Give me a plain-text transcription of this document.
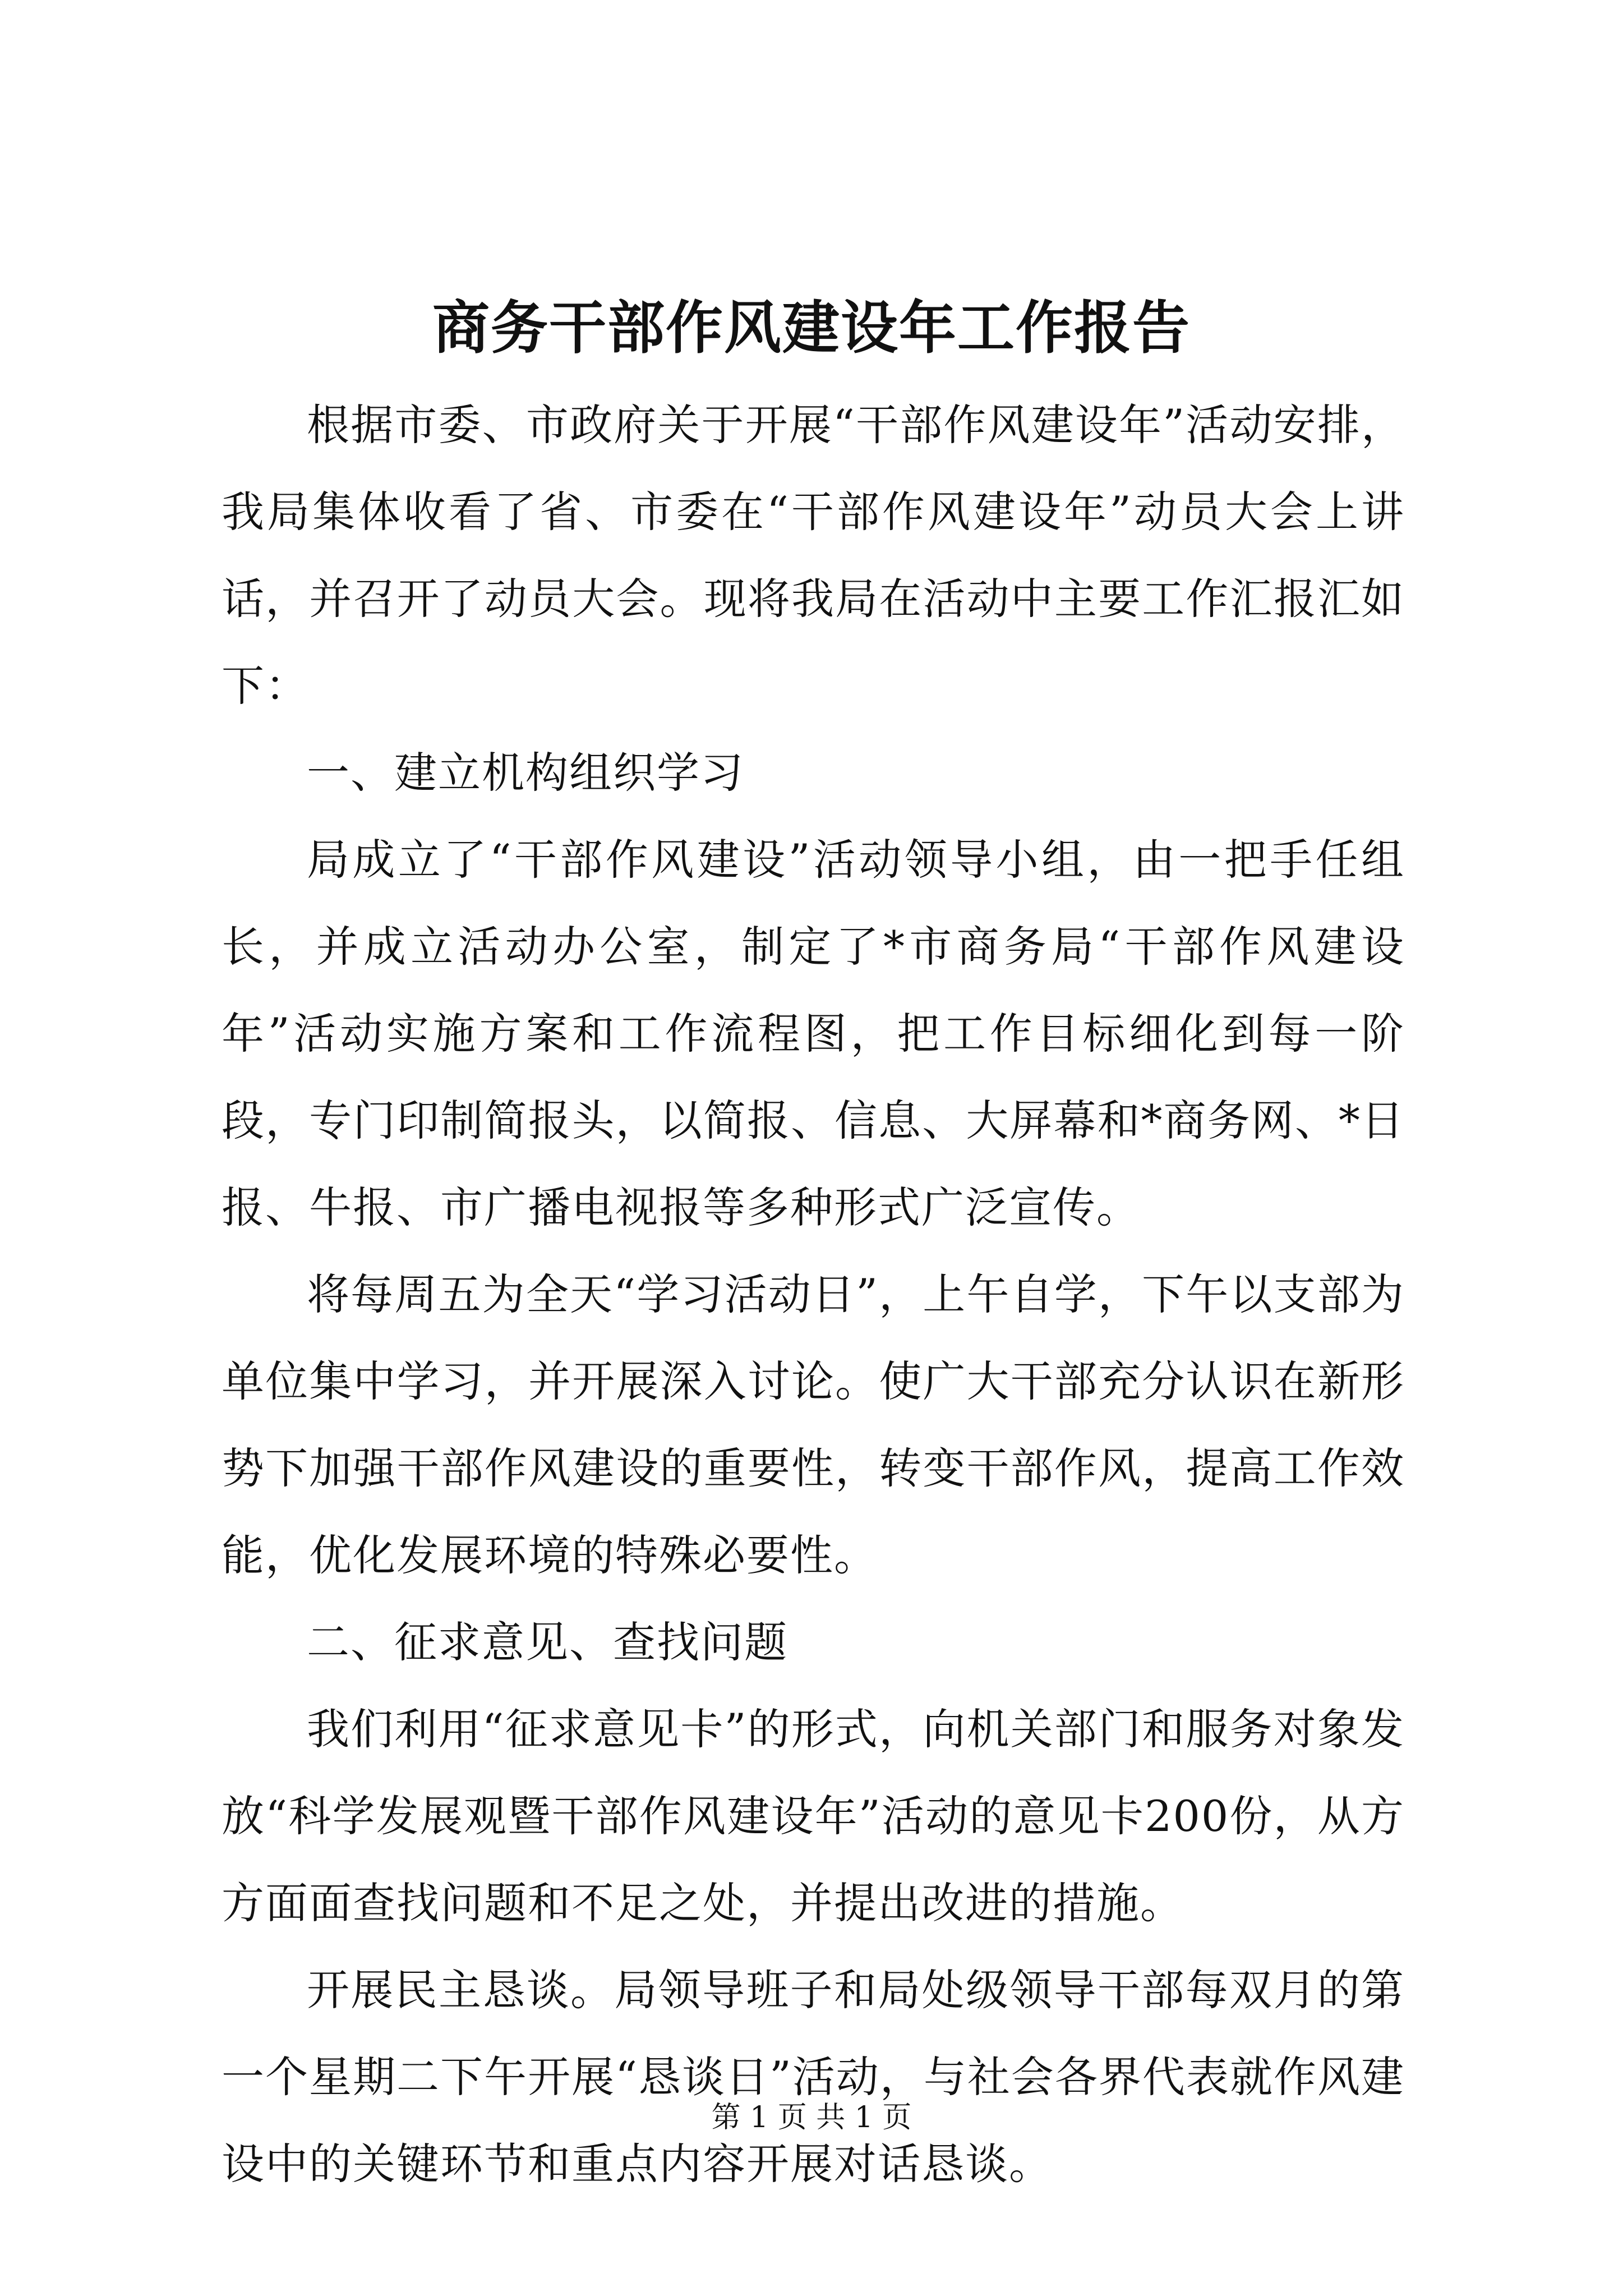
商务干部作风建设年工作报告

根据市委、市政府关于开展“干部作风建设年”活动安排，我局集体收看了省、市委在“干部作风建设年”动员大会上讲话，并召开了动员大会。现将我局在活动中主要工作汇报汇如下：

一、建立机构组织学习

局成立了“干部作风建设”活动领导小组，由一把手任组长，并成立活动办公室，制定了*市商务局“干部作风建设年”活动实施方案和工作流程图，把工作目标细化到每一阶段，专门印制简报头，以简报、信息、大屏幕和*商务网、*日报、牛报、市广播电视报等多种形式广泛宣传。

将每周五为全天“学习活动日”，上午自学，下午以支部为单位集中学习，并开展深入讨论。使广大干部充分认识在新形势下加强干部作风建设的重要性，转变干部作风，提高工作效能，优化发展环境的特殊必要性。

二、征求意见、查找问题

我们利用“征求意见卡”的形式，向机关部门和服务对象发放“科学发展观暨干部作风建设年”活动的意见卡200份，从方方面面查找问题和不足之处，并提出改进的措施。

开展民主恳谈。局领导班子和局处级领导干部每双月的第一个星期二下午开展“恳谈日”活动，与社会各界代表就作风建设中的关键环节和重点内容开展对话恳谈。

第 1 页 共 1 页
